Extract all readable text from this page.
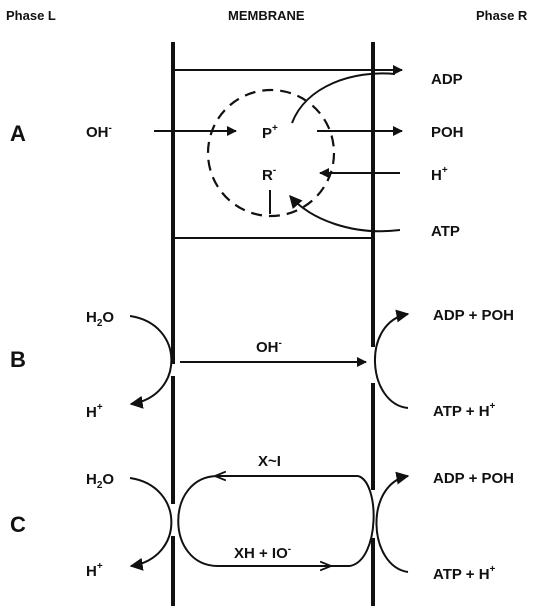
Phase L	MEMBRANE	Phase R
A	OH-	P+
R-
ADP
POH
H+
ATP
B
$H_2O$
H+
OH-
ADP + POH
ATP + H+
C
$H_2O$
H+
X~I
XH + IO-
ADP + POH
ATP + H+
